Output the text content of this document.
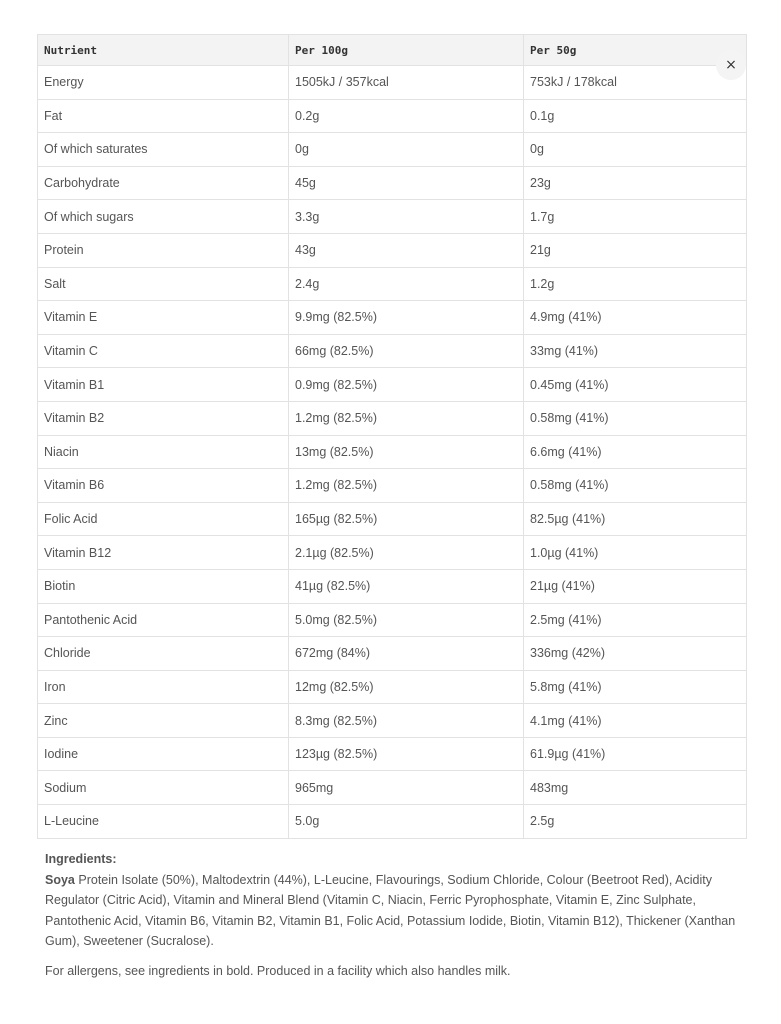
Nutrient	Per 100g	Per 50g
Energy	1505kJ / 357kcal	753kJ / 178kcal
Fat	0.2g	0.1g
Of which saturates	0g	0g
Carbohydrate	45g	23g
Of which sugars	3.3g	1.7g
Protein	43g	21g
Salt	2.4g	1.2g
Vitamin E	9.9mg (82.5%)	4.9mg (41%)
Vitamin C	66mg (82.5%)	33mg (41%)
Vitamin B1	0.9mg (82.5%)	0.45mg (41%)
Vitamin B2	1.2mg (82.5%)	0.58mg (41%)
Niacin	13mg (82.5%)	6.6mg (41%)
Vitamin B6	1.2mg (82.5%)	0.58mg (41%)
Folic Acid	165µg (82.5%)	82.5µg (41%)
Vitamin B12	2.1µg (82.5%)	1.0µg (41%)
Biotin	41µg (82.5%)	21µg (41%)
Pantothenic Acid	5.0mg (82.5%)	2.5mg (41%)
Chloride	672mg (84%)	336mg (42%)
Iron	12mg (82.5%)	5.8mg (41%)
Zinc	8.3mg (82.5%)	4.1mg (41%)
Iodine	123µg (82.5%)	61.9µg (41%)
Sodium	965mg	483mg
L-Leucine	5.0g	2.5g
×
Ingredients:
Soya Protein Isolate (50%), Maltodextrin (44%), L-Leucine, Flavourings, Sodium Chloride, Colour (Beetroot Red), Acidity Regulator (Citric Acid), Vitamin and Mineral Blend (Vitamin C, Niacin, Ferric Pyrophosphate, Vitamin E, Zinc Sulphate, Pantothenic Acid, Vitamin B6, Vitamin B2, Vitamin B1, Folic Acid, Potassium Iodide, Biotin, Vitamin B12), Thickener (Xanthan Gum), Sweetener (Sucralose).
For allergens, see ingredients in bold. Produced in a facility which also handles milk.
